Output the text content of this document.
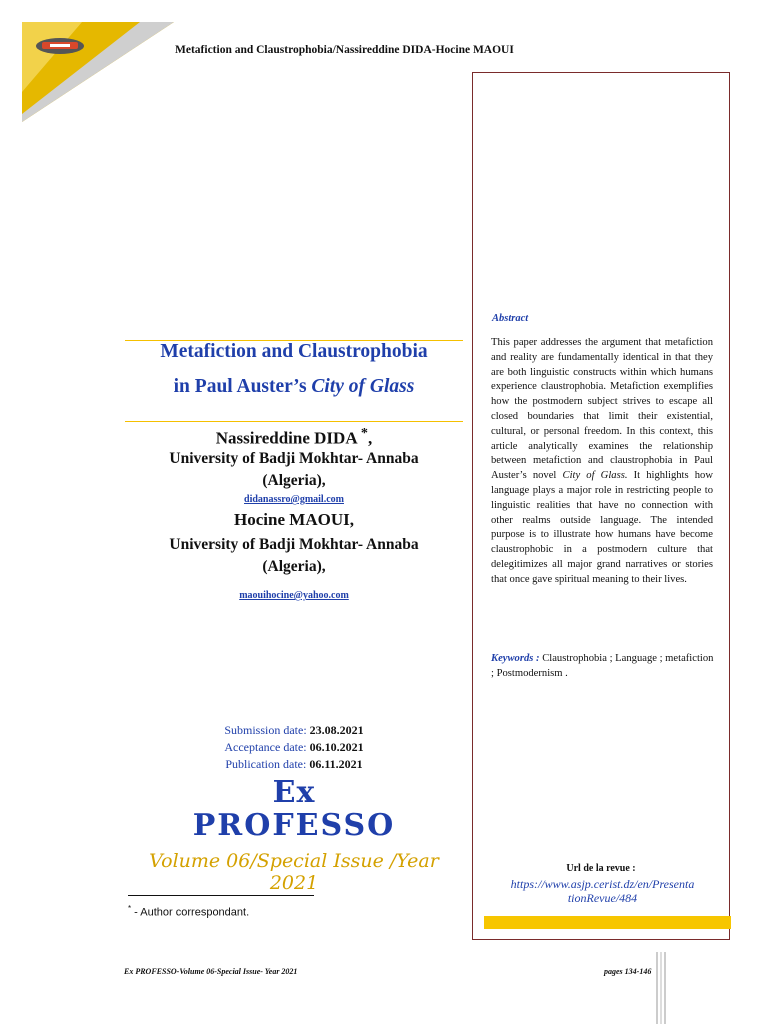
Metafiction and Claustrophobia/Nassireddine DIDA-Hocine MAOUI
Abstract
This paper addresses the argument that metafiction and reality are fundamentally identical in that they are both linguistic constructs within which humans experience claustrophobia. Metafiction exemplifies how the postmodern subject strives to escape all closed boundaries that limit their existential, cultural, or personal freedom. In this context, this article analytically examines the relationship between metafiction and claustrophobia in Paul Auster’s novel City of Glass. It highlights how language plays a major role in restricting people to linguistic realities that have no connection with other realms outside language. The intended purpose is to illustrate how humans have become claustrophobic in a postmodern culture that delegitimizes all major grand narratives or stories that once gave spiritual meaning to their lives.
Keywords : Claustrophobia ; Language ; metafiction ; Postmodernism .
Url de la revue :
https://www.asjp.cerist.dz/en/Presenta
tionRevue/484
Metafiction and Claustrophobia
in Paul Auster’s City of Glass
Nassireddine DIDA *,
University of Badji Mokhtar- Annaba
(Algeria),
didanassro@gmail.com
Hocine MAOUI,
University of Badji Mokhtar- Annaba
(Algeria),
maouihocine@yahoo.com
Submission date: 23.08.2021
Acceptance date: 06.10.2021
Publication date: 06.11.2021
Ex
PROFESSO
Volume 06/Special Issue /Year 2021
* - Author correspondant.
Ex PROFESSO-Volume 06-Special Issue- Year 2021	pages 134-146
